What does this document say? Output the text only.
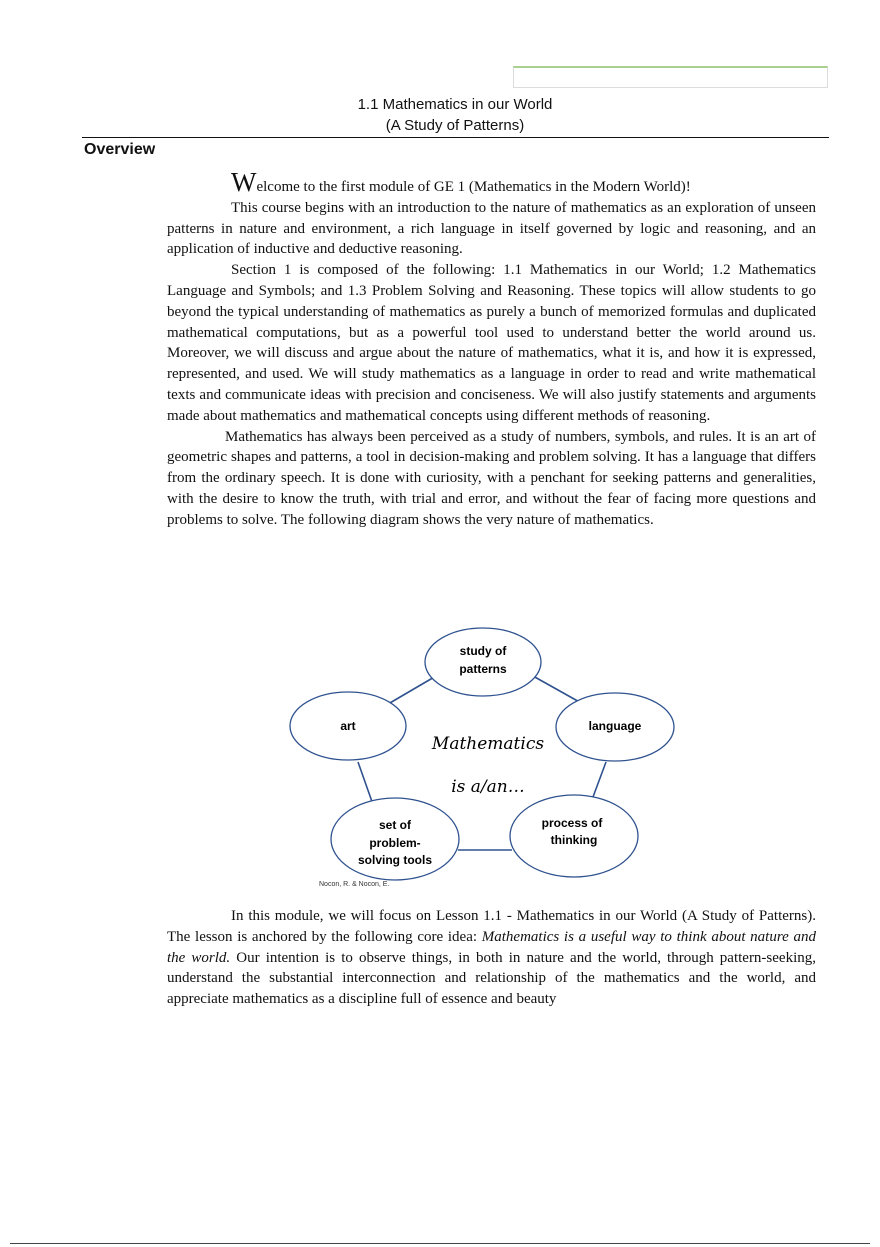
1.1 Mathematics in our World
(A Study of Patterns)
Overview

Welcome to the first module of GE 1 (Mathematics in the Modern World)!

This course begins with an introduction to the nature of mathematics as an exploration of unseen patterns in nature and environment, a rich language in itself governed by logic and reasoning, and an application of inductive and deductive reasoning.

Section 1 is composed of the following: 1.1 Mathematics in our World; 1.2 Mathematics Language and Symbols; and 1.3 Problem Solving and Reasoning. These topics will allow students to go beyond the typical understanding of mathematics as purely a bunch of memorized formulas and duplicated mathematical computations, but as a powerful tool used to understand better the world around us. Moreover, we will discuss and argue about the nature of mathematics, what it is, and how it is expressed, represented, and used. We will study mathematics as a language in order to read and write mathematical texts and communicate ideas with precision and conciseness. We will also justify statements and arguments made about mathematics and mathematical concepts using different methods of reasoning.

Mathematics has always been perceived as a study of numbers, symbols, and rules. It is an art of geometric shapes and patterns, a tool in decision-making and problem solving. It has a language that differs from the ordinary speech. It is done with curiosity, with a penchant for seeking patterns and generalities, with the desire to know the truth, with trial and error, and without the fear of facing more questions and problems to solve. The following diagram shows the very nature of mathematics.

study of
patterns
art	language
process of
thinking
set of
problem-
solving tools
Mathematics
is a/an…
Nocon, R. & Nocon, E.

In this module, we will focus on Lesson 1.1 - Mathematics in our World (A Study of Patterns). The lesson is anchored by the following core idea: Mathematics is a useful way to think about nature and the world. Our intention is to observe things, in both in nature and the world, through pattern-seeking, understand the substantial interconnection and relationship of the mathematics and the world, and appreciate mathematics as a discipline full of essence and beauty
